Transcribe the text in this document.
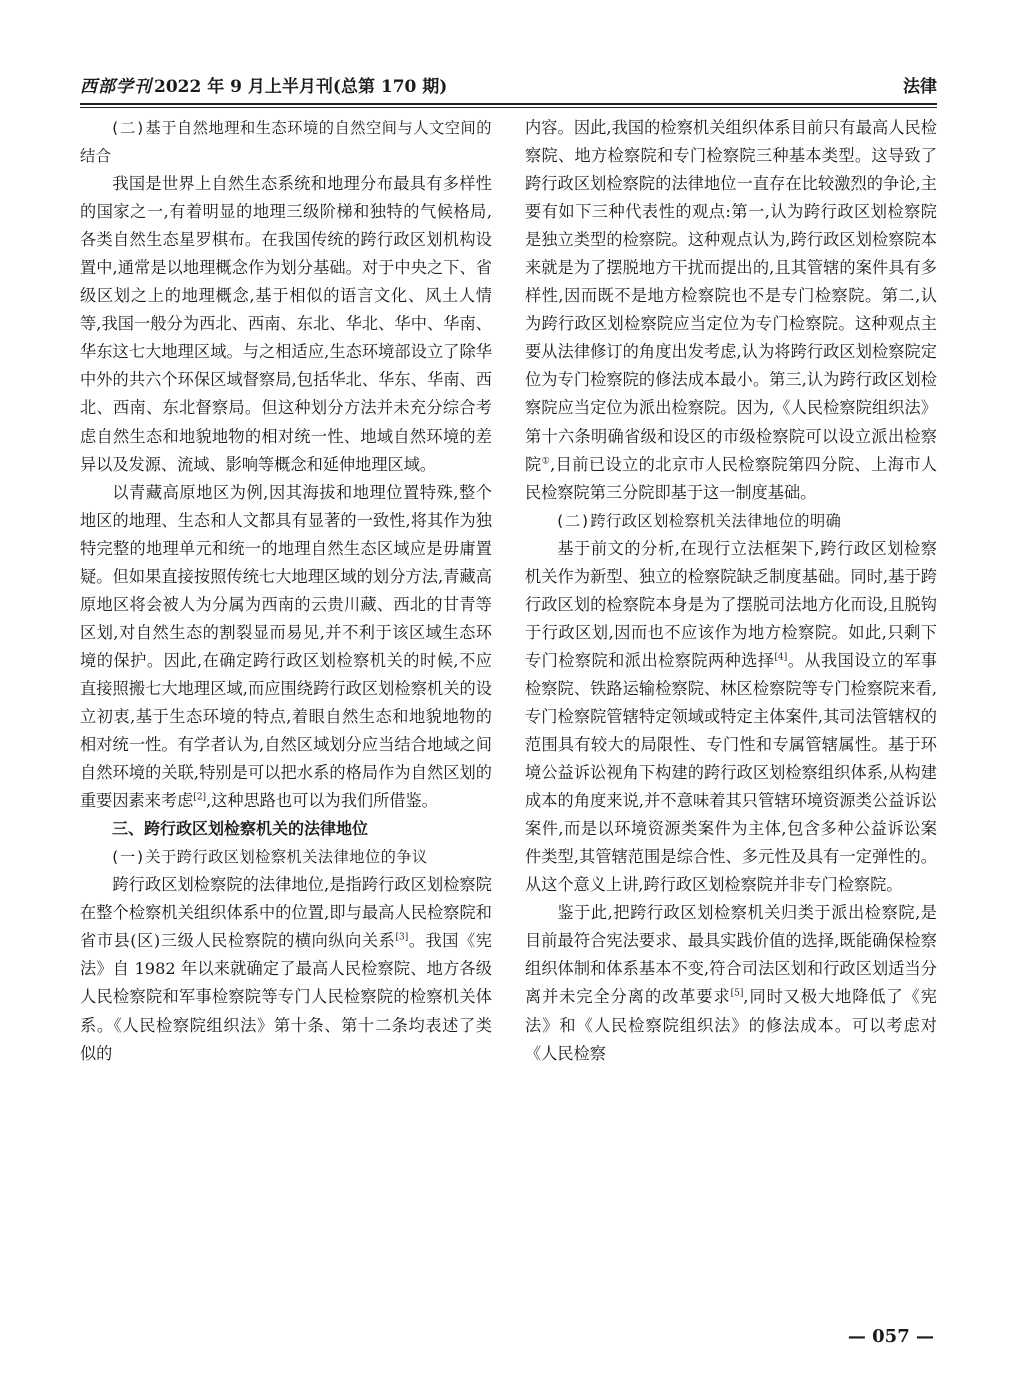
西部学刊 2022 年 9 月上半月刊(总第 170 期)	法律

(二)基于自然地理和生态环境的自然空间与人文空间的结合

我国是世界上自然生态系统和地理分布最具有多样性的国家之一,有着明显的地理三级阶梯和独特的气候格局,各类自然生态星罗棋布。在我国传统的跨行政区划机构设置中,通常是以地理概念作为划分基础。对于中央之下、省级区划之上的地理概念,基于相似的语言文化、风土人情等,我国一般分为西北、西南、东北、华北、华中、华南、华东这七大地理区域。与之相适应,生态环境部设立了除华中外的共六个环保区域督察局,包括华北、华东、华南、西北、西南、东北督察局。但这种划分方法并未充分综合考虑自然生态和地貌地物的相对统一性、地域自然环境的差异以及发源、流域、影响等概念和延伸地理区域。

以青藏高原地区为例,因其海拔和地理位置特殊,整个地区的地理、生态和人文都具有显著的一致性,将其作为独特完整的地理单元和统一的地理自然生态区域应是毋庸置疑。但如果直接按照传统七大地理区域的划分方法,青藏高原地区将会被人为分属为西南的云贵川藏、西北的甘青等区划,对自然生态的割裂显而易见,并不利于该区域生态环境的保护。因此,在确定跨行政区划检察机关的时候,不应直接照搬七大地理区域,而应围绕跨行政区划检察机关的设立初衷,基于生态环境的特点,着眼自然生态和地貌地物的相对统一性。有学者认为,自然区域划分应当结合地域之间自然环境的关联,特别是可以把水系的格局作为自然区划的重要因素来考虑[2],这种思路也可以为我们所借鉴。

三、跨行政区划检察机关的法律地位

(一)关于跨行政区划检察机关法律地位的争议

跨行政区划检察院的法律地位,是指跨行政区划检察院在整个检察机关组织体系中的位置,即与最高人民检察院和省市县(区)三级人民检察院的横向纵向关系[3]。我国《宪法》自 1982 年以来就确定了最高人民检察院、地方各级人民检察院和军事检察院等专门人民检察院的检察机关体系。《人民检察院组织法》第十条、第十二条均表述了类似的

内容。因此,我国的检察机关组织体系目前只有最高人民检察院、地方检察院和专门检察院三种基本类型。这导致了跨行政区划检察院的法律地位一直存在比较激烈的争论,主要有如下三种代表性的观点:第一,认为跨行政区划检察院是独立类型的检察院。这种观点认为,跨行政区划检察院本来就是为了摆脱地方干扰而提出的,且其管辖的案件具有多样性,因而既不是地方检察院也不是专门检察院。第二,认为跨行政区划检察院应当定位为专门检察院。这种观点主要从法律修订的角度出发考虑,认为将跨行政区划检察院定位为专门检察院的修法成本最小。第三,认为跨行政区划检察院应当定位为派出检察院。因为,《人民检察院组织法》第十六条明确省级和设区的市级检察院可以设立派出检察院①,目前已设立的北京市人民检察院第四分院、上海市人民检察院第三分院即基于这一制度基础。

(二)跨行政区划检察机关法律地位的明确

基于前文的分析,在现行立法框架下,跨行政区划检察机关作为新型、独立的检察院缺乏制度基础。同时,基于跨行政区划的检察院本身是为了摆脱司法地方化而设,且脱钩于行政区划,因而也不应该作为地方检察院。如此,只剩下专门检察院和派出检察院两种选择[4]。从我国设立的军事检察院、铁路运输检察院、林区检察院等专门检察院来看,专门检察院管辖特定领域或特定主体案件,其司法管辖权的范围具有较大的局限性、专门性和专属管辖属性。基于环境公益诉讼视角下构建的跨行政区划检察组织体系,从构建成本的角度来说,并不意味着其只管辖环境资源类公益诉讼案件,而是以环境资源类案件为主体,包含多种公益诉讼案件类型,其管辖范围是综合性、多元性及具有一定弹性的。从这个意义上讲,跨行政区划检察院并非专门检察院。

鉴于此,把跨行政区划检察机关归类于派出检察院,是目前最符合宪法要求、最具实践价值的选择,既能确保检察组织体制和体系基本不变,符合司法区划和行政区划适当分离并未完全分离的改革要求[5],同时又极大地降低了《宪法》和《人民检察院组织法》的修法成本。可以考虑对《人民检察

— 057 —
